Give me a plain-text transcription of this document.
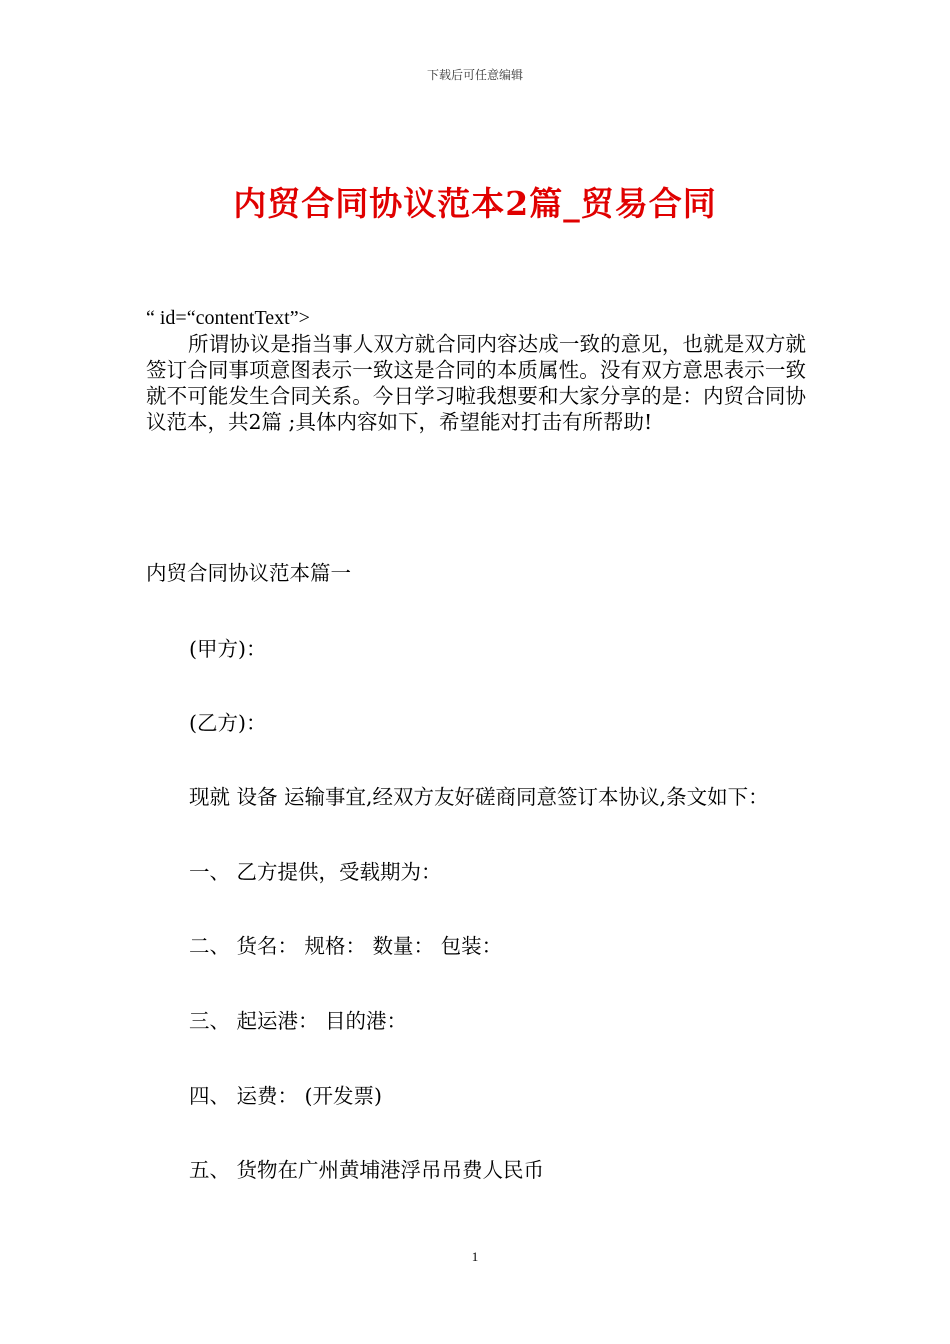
下载后可任意编辑
内贸合同协议范本2篇_贸易合同
“ id=“contentText”>
所谓协议是指当事人双方就合同内容达成一致的意见，也就是双方就签订合同事项意图表示一致这是合同的本质属性。没有双方意思表示一致就不可能发生合同关系。今日学习啦我想要和大家分享的是：内贸合同协议范本，共2篇 ;具体内容如下，希望能对打击有所帮助!
内贸合同协议范本篇一
(甲方)：
(乙方)：
现就 设备 运输事宜,经双方友好磋商同意签订本协议,条文如下：
一、 乙方提供，受载期为：
二、 货名： 规格： 数量： 包装：
三、 起运港： 目的港：
四、 运费： (开发票)
五、 货物在广州黄埔港浮吊吊费人民币
1
